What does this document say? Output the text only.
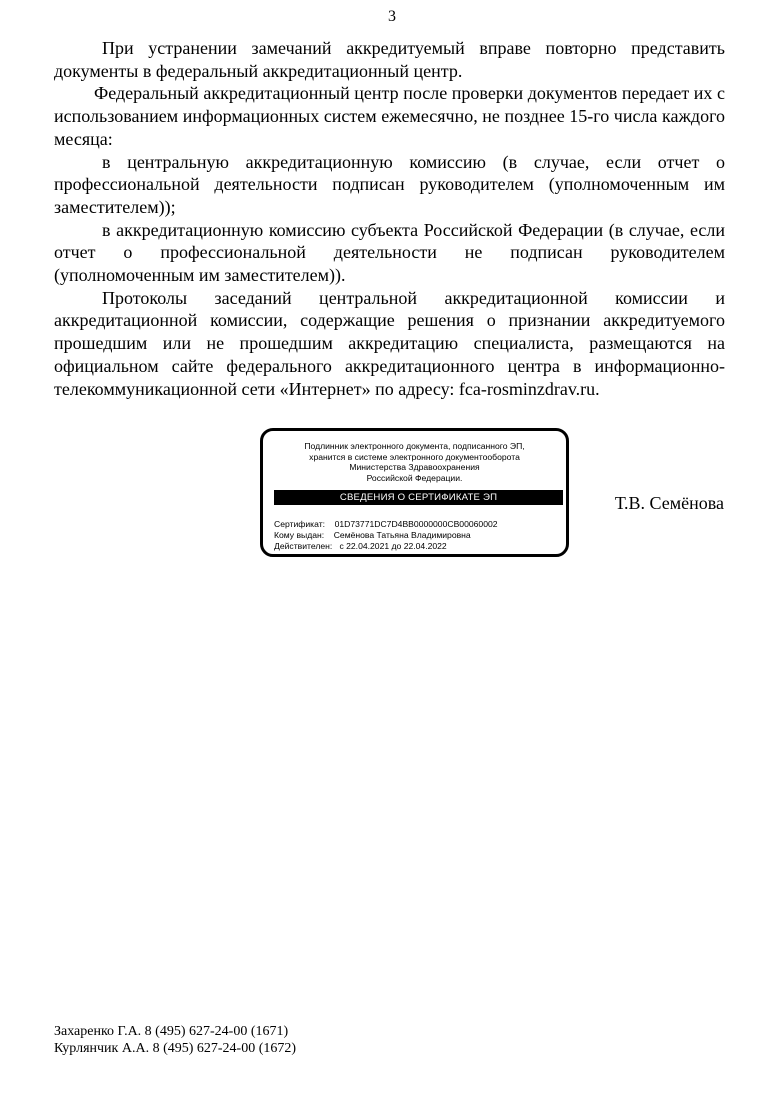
3

При устранении замечаний аккредитуемый вправе повторно представить документы в федеральный аккредитационный центр.

Федеральный аккредитационный центр после проверки документов передает их с использованием информационных систем ежемесячно, не позднее 15-го числа каждого месяца:

в центральную аккредитационную комиссию (в случае, если отчет о профессиональной деятельности подписан руководителем (уполномоченным им заместителем));

в аккредитационную комиссию субъекта Российской Федерации (в случае, если отчет о профессиональной деятельности не подписан руководителем (уполномоченным им заместителем)).

Протоколы заседаний центральной аккредитационной комиссии и аккредитационной комиссии, содержащие решения о признании аккредитуемого прошедшим или не прошедшим аккредитацию специалиста, размещаются на официальном сайте федерального аккредитационного центра в информационно-телекоммуникационной сети «Интернет» по адресу: fca-rosminzdrav.ru.

Подлинник электронного документа, подписанного ЭП,
хранится в системе электронного документооборота
Министерства Здравоохранения
Российской Федерации.
СВЕДЕНИЯ О СЕРТИФИКАТЕ ЭП
Сертификат: 01D73771DC7D4BB0000000CB00060002
Кому выдан: Семёнова Татьяна Владимировна
Действителен: с 22.04.2021 до 22.04.2022
Т.В. Семёнова
Захаренко Г.А. 8 (495) 627-24-00 (1671)
Курлянчик А.А. 8 (495) 627-24-00 (1672)
